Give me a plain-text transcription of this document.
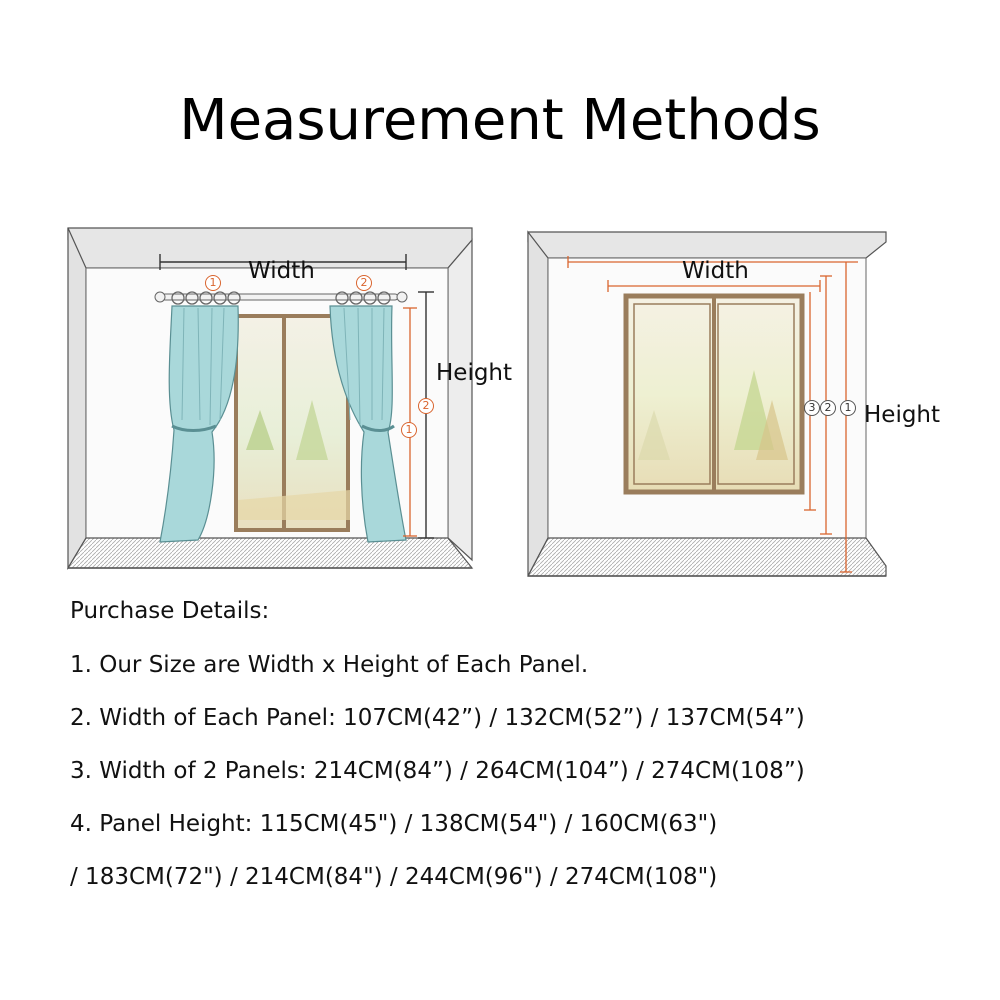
Measurement Methods
Width
Height
1	2
2
1
Width
Height
3 2	1
Purchase Details:
1. Our Size are Width x Height of Each Panel.
2. Width of Each Panel: 107CM(42”) / 132CM(52”) / 137CM(54”)
3. Width of 2 Panels: 214CM(84”) / 264CM(104”) / 274CM(108”)
4. Panel Height: 115CM(45") / 138CM(54") / 160CM(63")
/ 183CM(72") / 214CM(84") / 244CM(96") / 274CM(108")
